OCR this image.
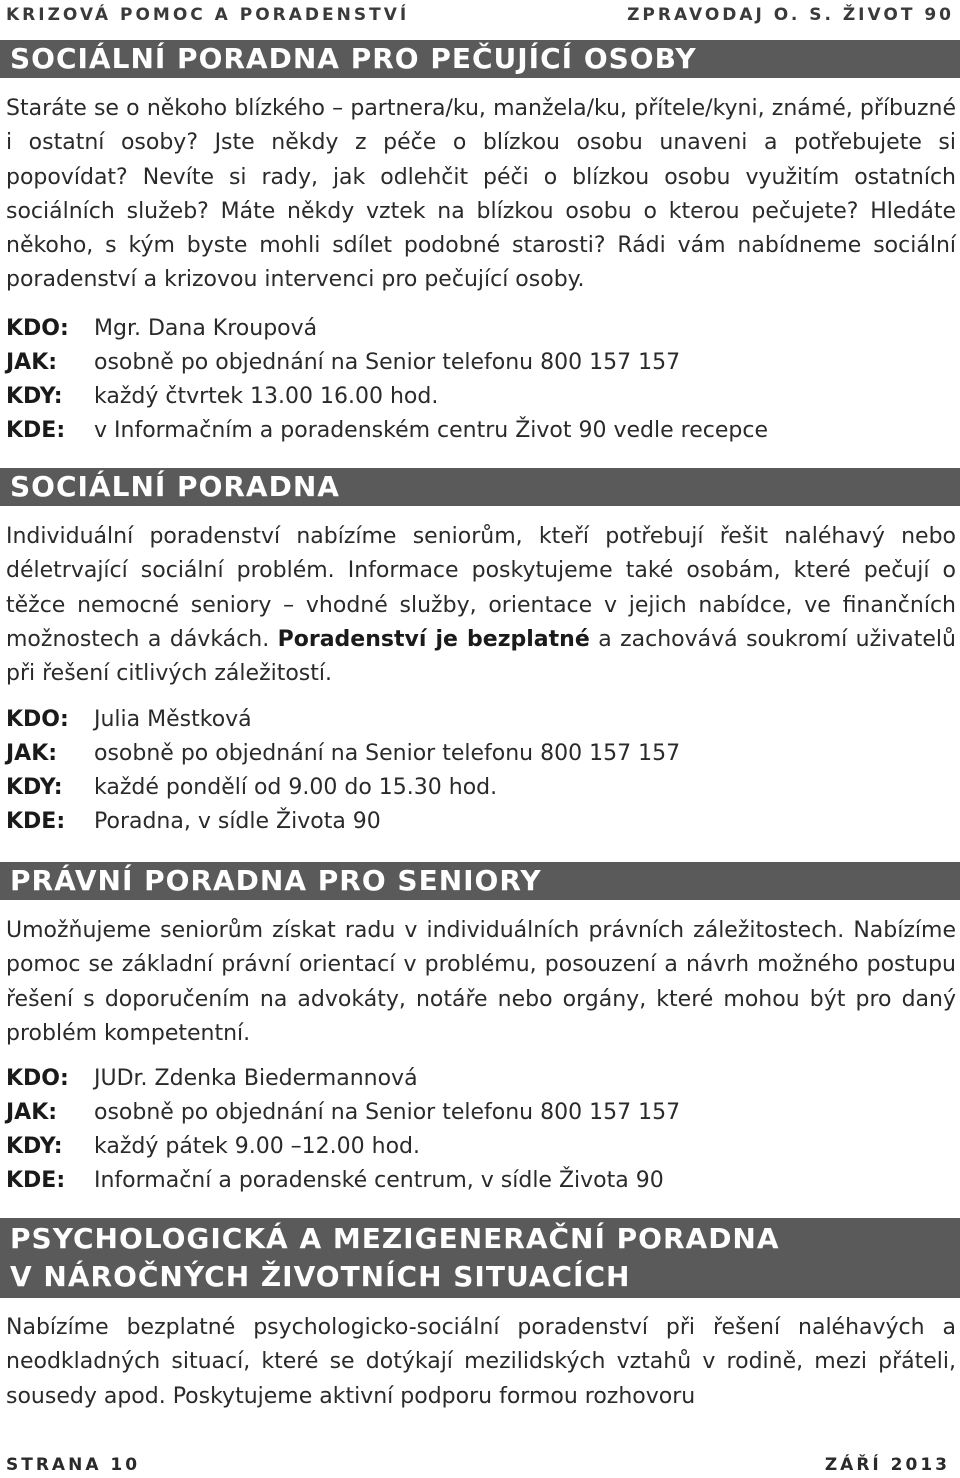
KRIZOVÁ POMOC A PORADENSTVÍ	ZPRAVODAJ O. S. ŽIVOT 90
SOCIÁLNÍ PORADNA PRO PEČUJÍCÍ OSOBY

Staráte se o někoho blízkého – partnera/ku, manžela/ku, přítele/kyni, známé, příbuzné i ostatní osoby? Jste někdy z péče o blízkou osobu unaveni a potřebujete si popovídat? Nevíte si rady, jak odlehčit péči o blízkou osobu využitím ostatních sociálních služeb? Máte někdy vztek na blízkou osobu o kterou pečujete? Hledáte někoho, s kým byste mohli sdílet podobné starosti? Rádi vám nabídneme sociální poradenství a krizovou intervenci pro pečující osoby.

KDO:	Mgr. Dana Kroupová
JAK:	osobně po objednání na Senior telefonu 800 157 157
KDY:	každý čtvrtek 13.00 16.00 hod.
KDE:	v Informačním a poradenském centru Život 90 vedle recepce
SOCIÁLNÍ PORADNA

Individuální poradenství nabízíme seniorům, kteří potřebují řešit naléhavý nebo déletrvající sociální problém. Informace poskytujeme také osobám, které pečují o těžce nemocné seniory – vhodné služby, orientace v jejich nabídce, ve finančních možnostech a dávkách. Poradenství je bezplatné a zachovává soukromí uživatelů při řešení citlivých záležitostí.

KDO:	Julia Městková
JAK:	osobně po objednání na Senior telefonu 800 157 157
KDY:	každé pondělí od 9.00 do 15.30 hod.
KDE:	Poradna, v sídle Života 90
PRÁVNÍ PORADNA PRO SENIORY

Umožňujeme seniorům získat radu v individuálních právních záležitostech. Nabízíme pomoc se základní právní orientací v problému, posouzení a návrh možného postupu řešení s doporučením na advokáty, notáře nebo orgány, které mohou být pro daný problém kompetentní.

KDO:	JUDr. Zdenka Biedermannová
JAK:	osobně po objednání na Senior telefonu 800 157 157
KDY:	každý pátek 9.00 –12.00 hod.
KDE:	Informační a poradenské centrum, v sídle Života 90
PSYCHOLOGICKÁ A MEZIGENERAČNÍ PORADNA
V NÁROČNÝCH ŽIVOTNÍCH SITUACÍCH

Nabízíme bezplatné psychologicko-sociální poradenství při řešení naléhavých a neodkladných situací, které se dotýkají mezilidských vztahů v rodině, mezi přáteli, sousedy apod. Poskytujeme aktivní podporu formou rozhovoru

STRANA 10	ZÁŘÍ 2013
